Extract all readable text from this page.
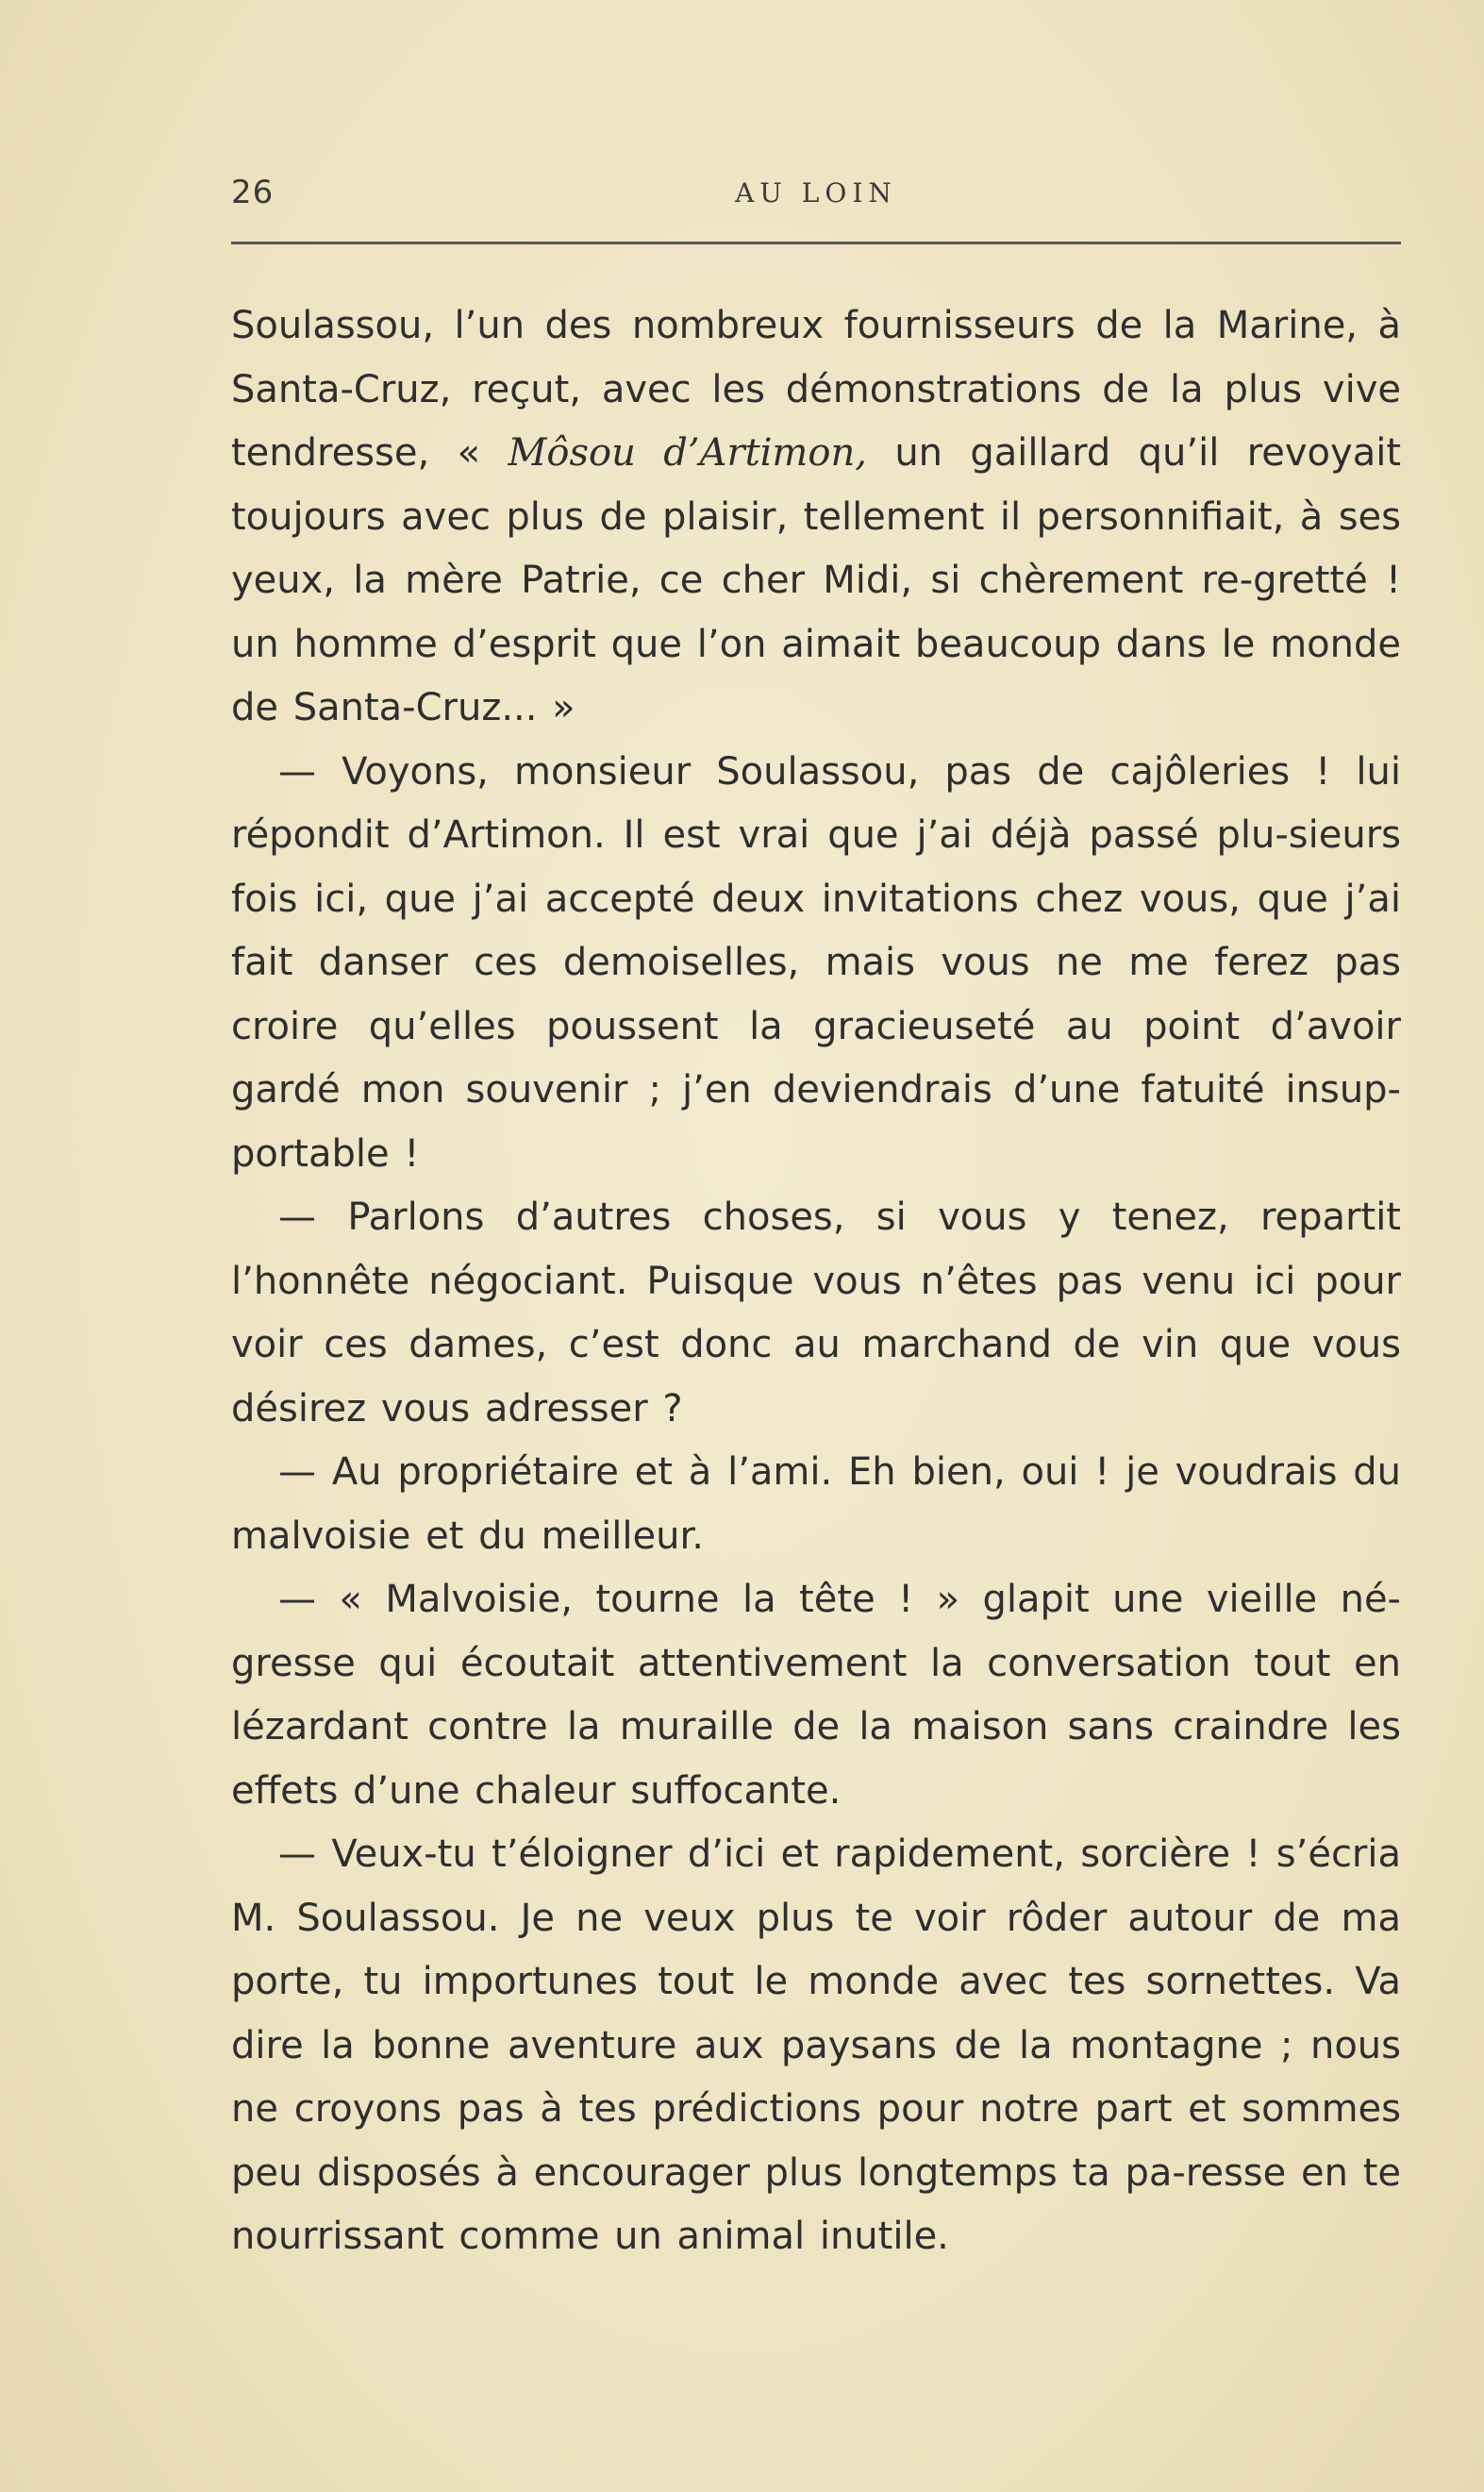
26	AU LOIN

Soulassou, l’un des nombreux fournisseurs de la Marine, à Santa-Cruz, reçut, avec les démonstrations de la plus vive tendresse, « Môsou d’Artimon, un gaillard qu’il revoyait toujours avec plus de plaisir, tellement il personnifiait, à ses yeux, la mère Patrie, ce cher Midi, si chèrement re-gretté ! un homme d’esprit que l’on aimait beaucoup dans le monde de Santa-Cruz... »

— Voyons, monsieur Soulassou, pas de cajôleries ! lui répondit d’Artimon. Il est vrai que j’ai déjà passé plu-sieurs fois ici, que j’ai accepté deux invitations chez vous, que j’ai fait danser ces demoiselles, mais vous ne me ferez pas croire qu’elles poussent la gracieuseté au point d’avoir gardé mon souvenir ; j’en deviendrais d’une fatuité insup-portable !

— Parlons d’autres choses, si vous y tenez, repartit l’honnête négociant. Puisque vous n’êtes pas venu ici pour voir ces dames, c’est donc au marchand de vin que vous désirez vous adresser ?

— Au propriétaire et à l’ami. Eh bien, oui ! je voudrais du malvoisie et du meilleur.

— « Malvoisie, tourne la tête ! » glapit une vieille né-gresse qui écoutait attentivement la conversation tout en lézardant contre la muraille de la maison sans craindre les effets d’une chaleur suffocante.

— Veux-tu t’éloigner d’ici et rapidement, sorcière ! s’écria M. Soulassou. Je ne veux plus te voir rôder autour de ma porte, tu importunes tout le monde avec tes sornettes. Va dire la bonne aventure aux paysans de la montagne ; nous ne croyons pas à tes prédictions pour notre part et sommes peu disposés à encourager plus longtemps ta pa-resse en te nourrissant comme un animal inutile.
